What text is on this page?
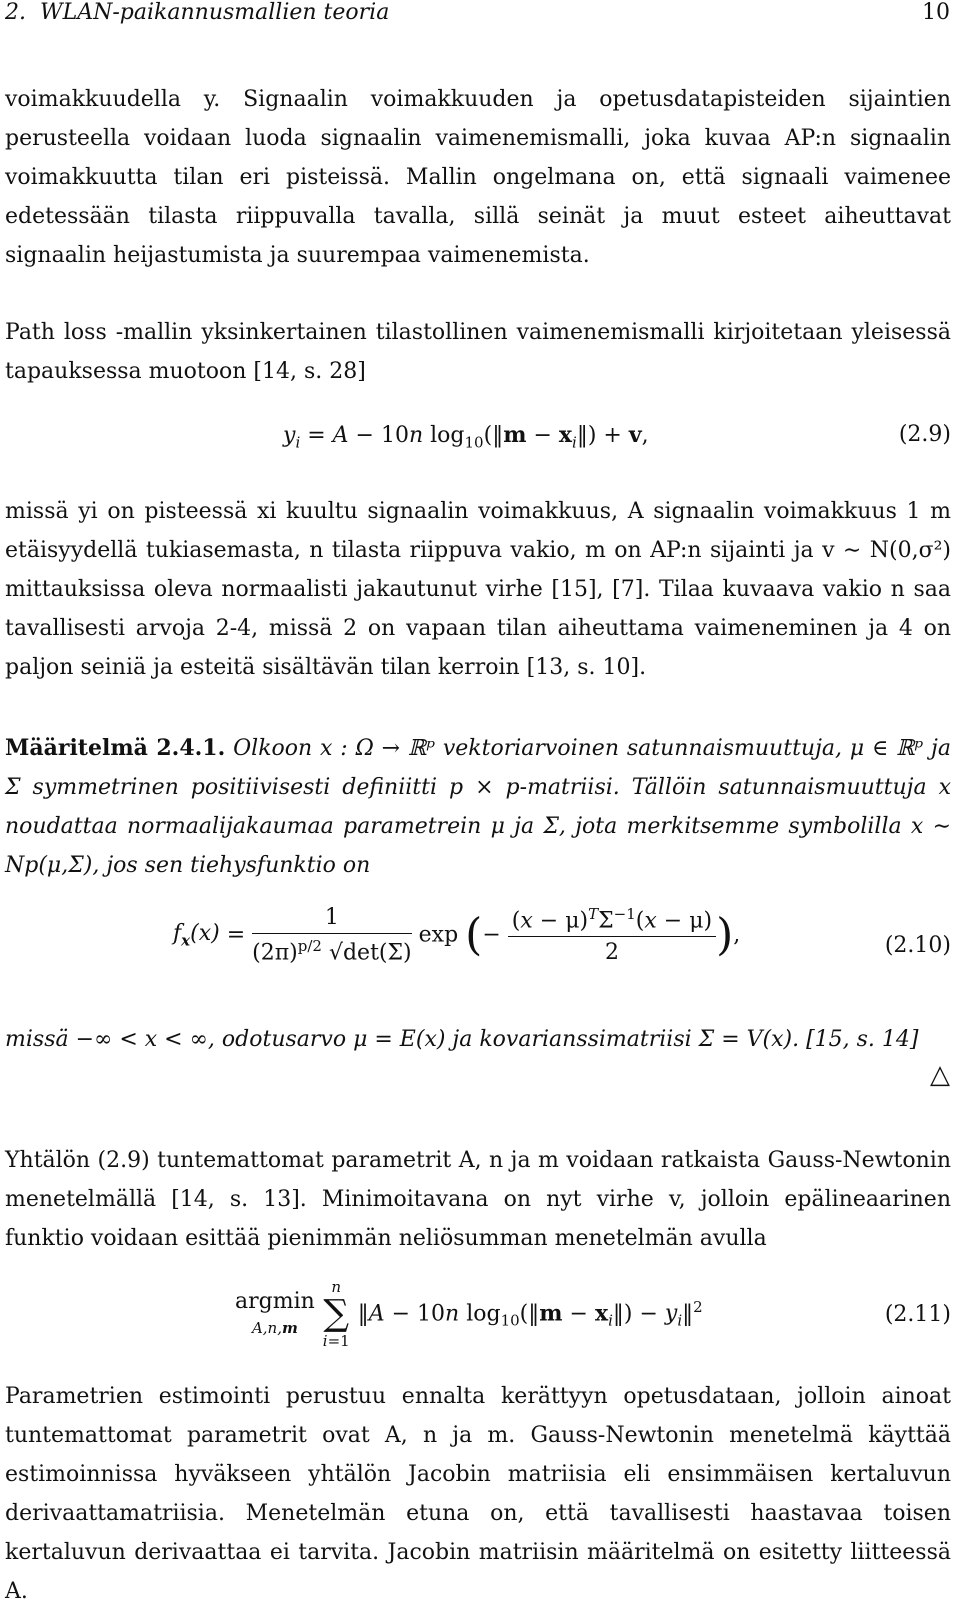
2. WLAN-paikannusmallien teoria	10
voimakkuudella y. Signaalin voimakkuuden ja opetusdatapisteiden sijaintien perusteella voidaan luoda signaalin vaimenemismalli, joka kuvaa AP:n signaalin voimakkuutta tilan eri pisteissä. Mallin ongelmana on, että signaali vaimenee edetessään tilasta riippuvalla tavalla, sillä seinät ja muut esteet aiheuttavat signaalin heijastumista ja suurempaa vaimenemista.
Path loss -mallin yksinkertainen tilastollinen vaimenemismalli kirjoitetaan yleisessä tapauksessa muotoon [14, s. 28]
$y_i = A - 10n$ $\log_{10}(‖m$ − $x_i‖) + v$,	(2.9)
missä yi on pisteessä xi kuultu signaalin voimakkuus, A signaalin voimakkuus 1 m etäisyydellä tukiasemasta, n tilasta riippuva vakio, m on AP:n sijainti ja v ∼ N(0,σ²) mittauksissa oleva normaalisti jakautunut virhe [15], [7]. Tilaa kuvaava vakio n saa tavallisesti arvoja 2-4, missä 2 on vapaan tilan aiheuttama vaimeneminen ja 4 on paljon seiniä ja esteitä sisältävän tilan kerroin [13, s. 10].
Määritelmä 2.4.1. Olkoon x : Ω → ℝᵖ vektoriarvoinen satunnaismuuttuja, μ ∈ ℝᵖ ja Σ symmetrinen positiivisesti definiitti p × p-matriisi. Tällöin satunnaismuuttuja x noudattaa normaalijakaumaa parametrein μ ja Σ, jota merkitsemme symbolilla x ∼ Np(μ,Σ), jos sen tiehysfunktio on
$f_x(x) = \frac{1}{(2\pi)^{p/2} √\det(\Sigma)}$ exp (− $\frac{(x - \mu)^T\Sigma^{-1}(x - \mu)}{2}$ ),	(2.10)
missä −∞ < x < ∞, odotusarvo μ = E(x) ja kovarianssimatriisi Σ = V(x). [15, s. 14]
△
Yhtälön (2.9) tuntemattomat parametrit A, n ja m voidaan ratkaista Gauss-Newtonin menetelmällä [14, s. 13]. Minimoitavana on nyt virhe v, jolloin epälineaarinen funktio voidaan esittää pienimmän neliösumman menetelmän avulla
argmin
A,n,m
n
∑
i=1
‖A − 10n $\log_{10}(‖m$ − $x_i‖$) − $y_i‖^2$	(2.11)
Parametrien estimointi perustuu ennalta kerättyyn opetusdataan, jolloin ainoat tuntemattomat parametrit ovat A, n ja m. Gauss-Newtonin menetelmä käyttää estimoinnissa hyväkseen yhtälön Jacobin matriisia eli ensimmäisen kertaluvun derivaattamatriisia. Menetelmän etuna on, että tavallisesti haastavaa toisen kertaluvun derivaattaa ei tarvita. Jacobin matriisin määritelmä on esitetty liitteessä A.
